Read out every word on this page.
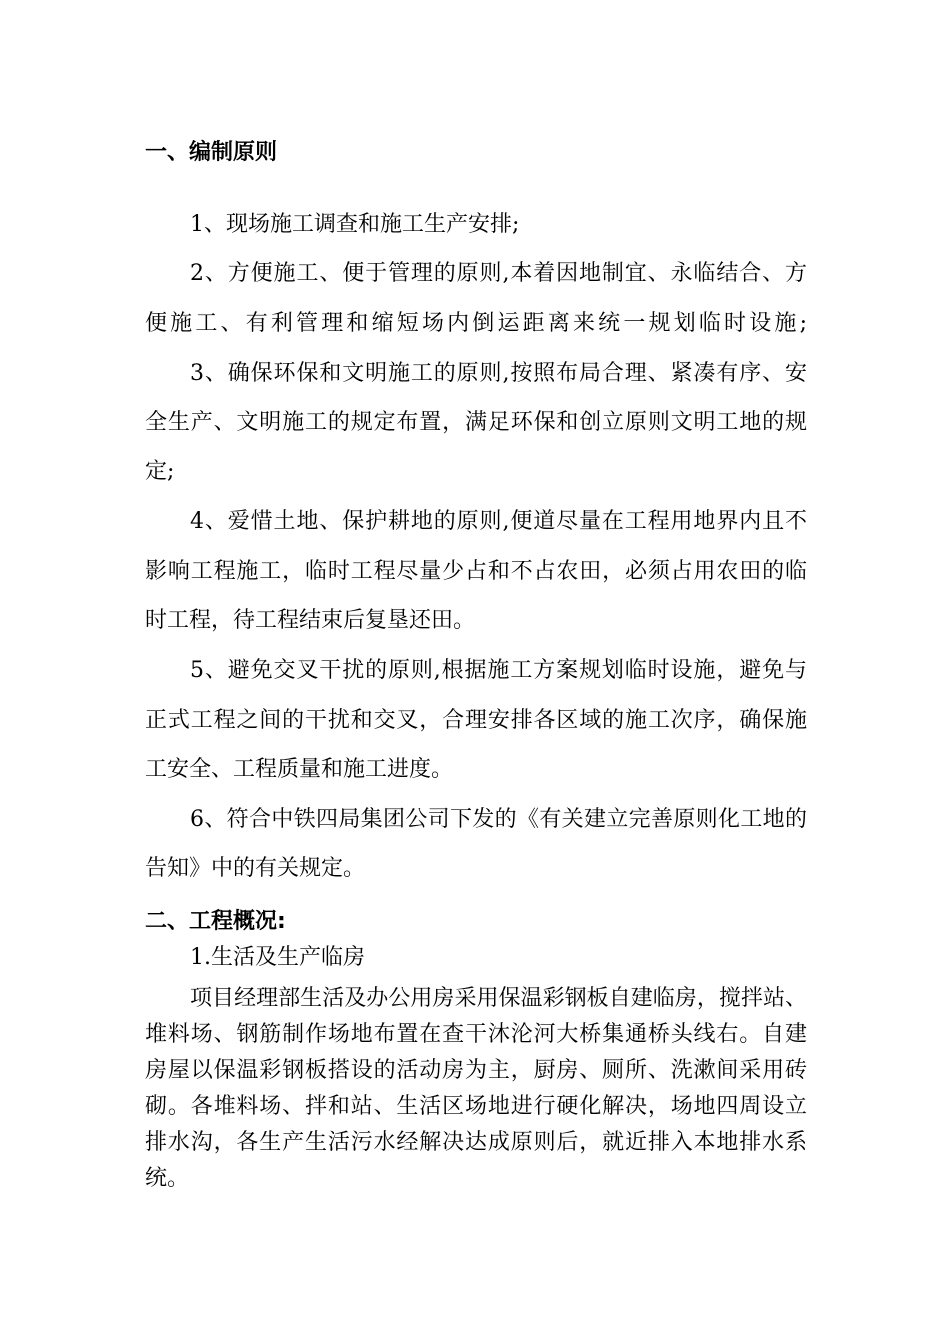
一、编制原则
1、现场施工调查和施工生产安排;
2、方便施工、便于管理的原则,本着因地制宜、永临结合、方
便施工、有利管理和缩短场内倒运距离来统一规划临时设施;
3、确保环保和文明施工的原则,按照布局合理、紧凑有序、安
全生产、文明施工的规定布置，满足环保和创立原则文明工地的规
定;
4、爱惜土地、保护耕地的原则,便道尽量在工程用地界内且不
影响工程施工，临时工程尽量少占和不占农田，必须占用农田的临
时工程，待工程结束后复垦还田。
5、避免交叉干扰的原则,根据施工方案规划临时设施，避免与
正式工程之间的干扰和交叉，合理安排各区域的施工次序，确保施
工安全、工程质量和施工进度。
6、符合中铁四局集团公司下发的《有关建立完善原则化工地的
告知》中的有关规定。
二、工程概况:
1.生活及生产临房
项目经理部生活及办公用房采用保温彩钢板自建临房，搅拌站、
堆料场、钢筋制作场地布置在查干沐沦河大桥集通桥头线右。自建
房屋以保温彩钢板搭设的活动房为主，厨房、厕所、洗漱间采用砖
砌。各堆料场、拌和站、生活区场地进行硬化解决，场地四周设立
排水沟，各生产生活污水经解决达成原则后，就近排入本地排水系
统。
